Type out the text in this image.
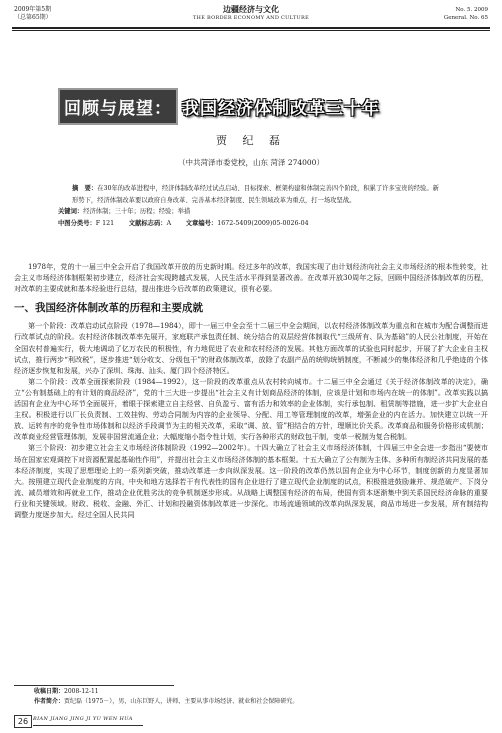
2009年第5期
（总第65期）
边疆经济与文化
THE BORDER ECONOMY AND CULTURE
No. 5. 2009
General. No. 65
回顾与展望： 我国经济体制改革三十年
贾 纪 磊
（中共菏泽市委党校，山东 菏泽 274000）
摘　要：在30年的改革进程中，经济体制改革经过试点启动、目标探索、框架构建和体制完善四个阶段，积累了许多宝贵的经验。新形势下，经济体制改革要以政府自身改革、完善基本经济制度、民生领域改革为重点，打一场攻坚战。
关键词：经济体制；三十年；历程；经验；举措
中图分类号：F 121    文献标志码：A    文章编号：1672-5409(2009)05-0026-04

1978年，党的十一届三中全会开启了我国改革开放的历史新时期。经过多年的改革，我国实现了由计划经济向社会主义市场经济的根本性转变，社会主义市场经济体制框架初步建立，经济社会实现跨越式发展，人民生活水平得到显著改善。在改革开放30周年之际，回顾中国经济体制改革的历程，对改革的主要成就和基本经验进行总结，提出推进今后改革的政策建议，很有必要。

一、我国经济体制改革的历程和主要成就

第一个阶段：改革启动试点阶段（1978—1984），即十一届三中全会至十二届三中全会期间，以农村经济体制改革为重点和在城市为配合调整而进行改革试点的阶段。农村经济体制改革率先展开，家庭联产承包责任制、统分结合的双层经营体制取代“三级所有、队为基础”的人民公社制度，开始在全国农村普遍实行，极大地调动了亿万农民的积极性，有力地促进了农业和农村经济的发展。其他方面改革的试验也同时起步，开展了扩大企业自主权试点，推行两步“利改税”，逐步推进“划分收支、分级包干”的财政体制改革，放除了农副产品的统购统销制度，不断减少的集体经济和几乎绝迹的个体经济逐步恢复和发展，兴办了深圳、珠海、汕头、厦门四个经济特区。

第二个阶段：改革全面探索阶段（1984—1992），这一阶段的改革重点从农村转向城市。十二届三中全会通过《关于经济体制改革的决定》，确立“公有制基础上的有计划的商品经济”，党的十三大进一步提出“社会主义有计划商品经济的体制，应该是计划和市场内在统一的体制”。改革实践以搞活国有企业为中心环节全面展开，着眼于探索建立自主经营、自负盈亏、富有活力和效率的企业体制，实行承包制、租赁制等措施，进一步扩大企业自主权。积极进行以厂长负责制、工效挂钩、劳动合同制为内容的企业领导、分配、用工等管理制度的改革，增强企业的内在活力。加快建立以统一开放、运转有序的竞争性市场体制和以经济手段调节为主的相关改革，采取“调、放、管”相结合的方针，理顺比价关系。改革商品和服务价格形成机制；改革商业经营管理体制，发展非国营流通企业；大幅度缩小指令性计划，实行各种形式的财政包干制，变单一税制为复合税制。

第三个阶段：初步建立社会主义市场经济体制阶段（1992—2002年）。十四大确立了社会主义市场经济体制，十四届三中全会进一步指出“要使市场在国家宏观调控下对资源配置起基础性作用”，并提出社会主义市场经济体制的基本框架。十五大确立了公有制为主体、多种所有制经济共同发展的基本经济制度，实现了思想理论上的一系列新突破，推动改革进一步向纵深发展。这一阶段的改革仍然以国有企业为中心环节，制度创新的力度显著加大。按照建立现代企业制度的方向，中央和地方选择若干有代表性的国有企业进行了建立现代企业制度的试点，积极推进鼓励兼并、规范破产、下岗分流、减员增效和再就业工作，推动企业优胜劣汰的竞争机制逐步形成。从战略上调整国有经济的布局，使国有资本逐渐集中到关系国民经济命脉的重要行业和关键领域。财政、税收、金融、外汇、计划和投融资体制改革进一步深化。市场流通领域的改革向纵深发展，商品市场进一步发展，所有制结构调整力度逐步加大。经过全国人民共同

收稿日期：2008-12-11
作者简介：贾纪磊（1975－），男，山东巨野人，讲师，主要从事市场经济、就业和社会保障研究。
26 BIAN JIANG JING JI YU WEN HUA
